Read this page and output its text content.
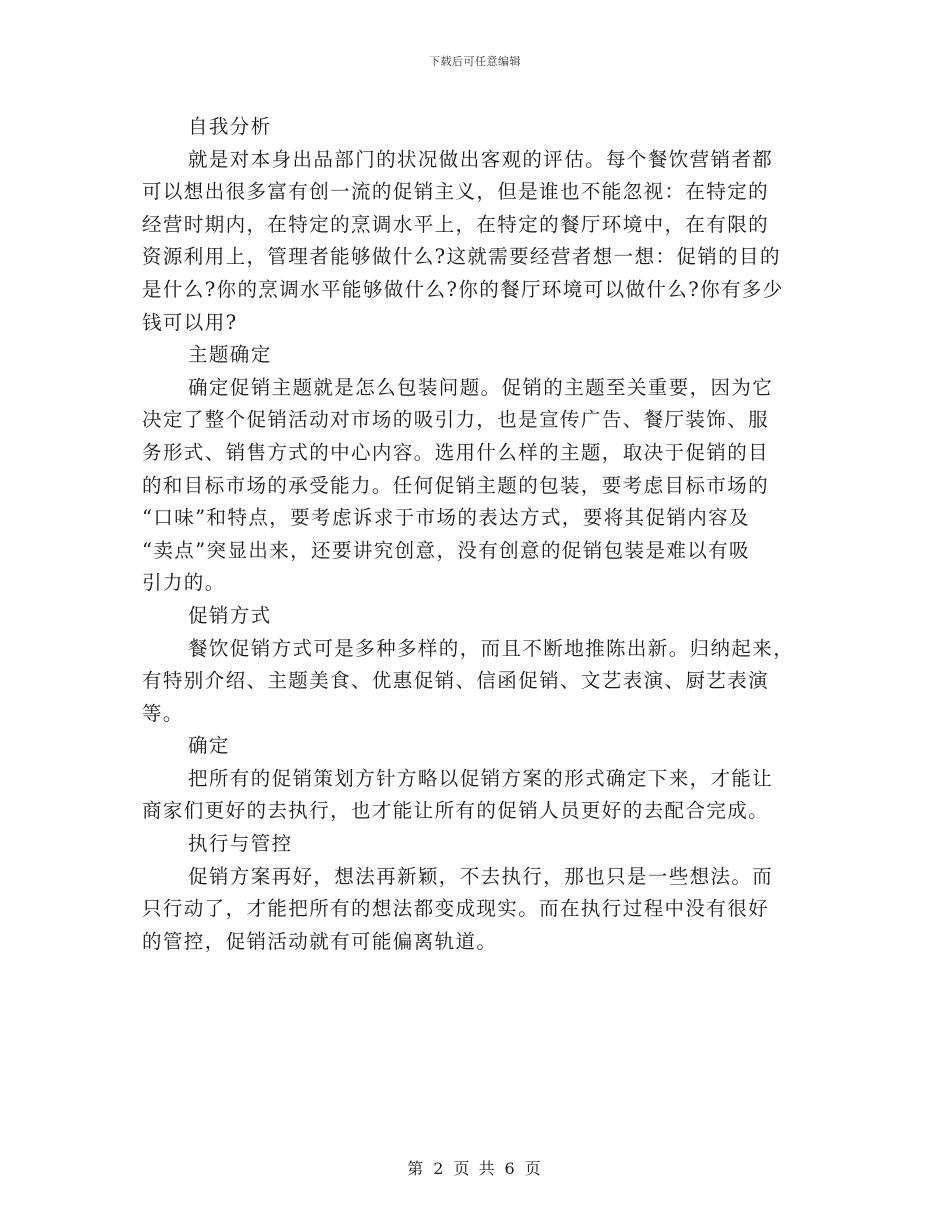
下载后可任意编辑
自我分析

就是对本身出品部门的状况做出客观的评估。每个餐饮营销者都
可以想出很多富有创一流的促销主义，但是谁也不能忽视：在特定的
经营时期内，在特定的烹调水平上，在特定的餐厅环境中，在有限的
资源利用上，管理者能够做什么?这就需要经营者想一想：促销的目的
是什么?你的烹调水平能够做什么?你的餐厅环境可以做什么?你有多少
钱可以用?

主题确定

确定促销主题就是怎么包装问题。促销的主题至关重要，因为它
决定了整个促销活动对市场的吸引力，也是宣传广告、餐厅装饰、服
务形式、销售方式的中心内容。选用什么样的主题，取决于促销的目
的和目标市场的承受能力。任何促销主题的包装，要考虑目标市场的
“口味”和特点，要考虑诉求于市场的表达方式，要将其促销内容及
“卖点”突显出来，还要讲究创意，没有创意的促销包装是难以有吸
引力的。

促销方式

餐饮促销方式可是多种多样的，而且不断地推陈出新。归纳起来，
有特别介绍、主题美食、优惠促销、信函促销、文艺表演、厨艺表演
等。

确定

把所有的促销策划方针方略以促销方案的形式确定下来，才能让
商家们更好的去执行，也才能让所有的促销人员更好的去配合完成。

执行与管控

促销方案再好，想法再新颖，不去执行，那也只是一些想法。而
只行动了，才能把所有的想法都变成现实。而在执行过程中没有很好
的管控，促销活动就有可能偏离轨道。

第 2 页 共 6 页
